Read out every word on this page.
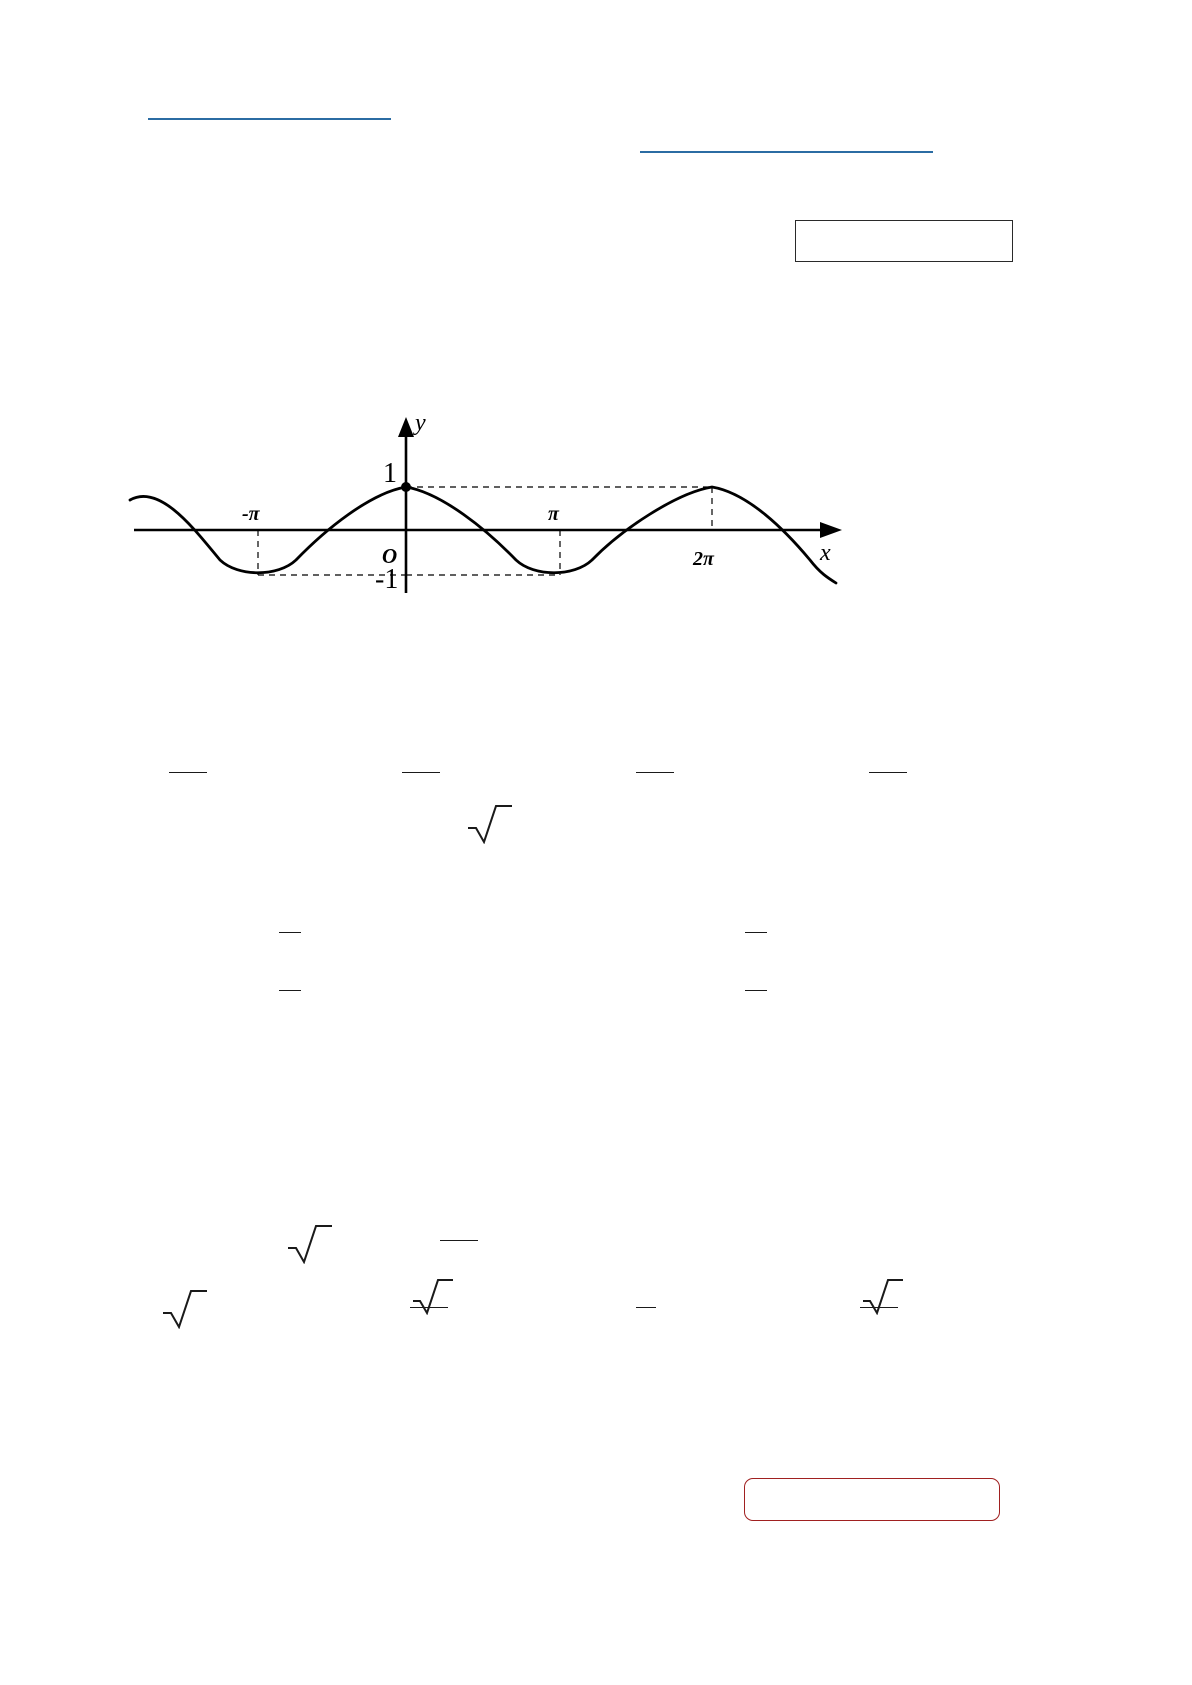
1
-1
O
-π	π
2π
y
x
